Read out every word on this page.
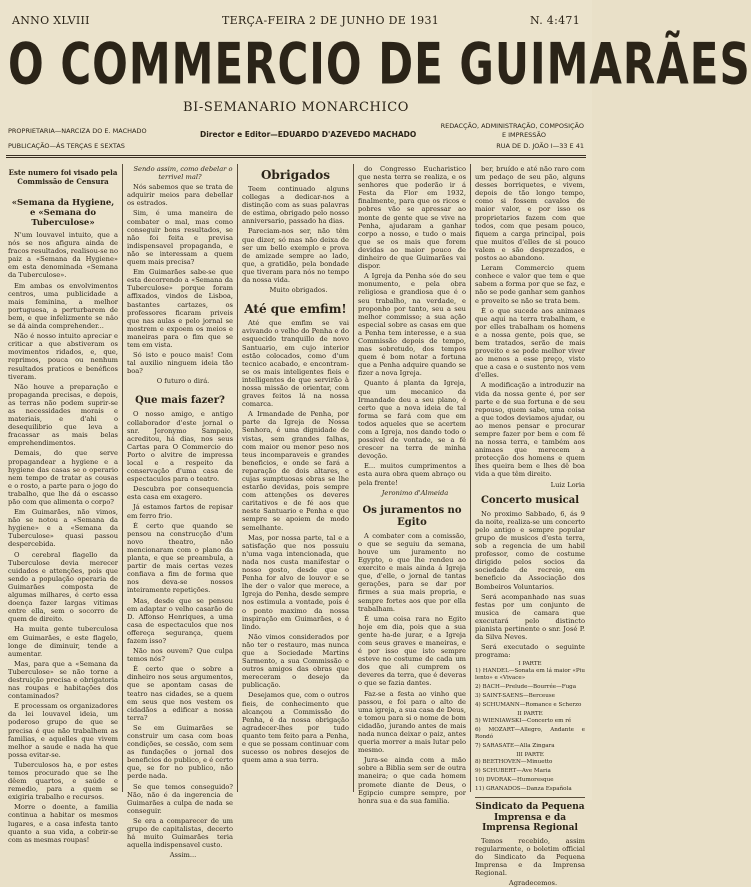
ANNO XLVIII	TERÇA-FEIRA 2 DE JUNHO DE 1931	N. 4:471
O COMMERCIO DE GUIMARÃES
BI-SEMANARIO MONARCHICO
PROPRIETARIA—NARCIZA DO E. MACHADO	Director e Editor—EDUARDO D'AZEVEDO MACHADO
REDACÇÃO, ADMINISTRAÇÃO, COMPOSIÇÃO
E IMPRESSÃO
PUBLICAÇÃO—ÁS TERÇAS E SEXTAS	RUA DE D. JOÃO I—33 E 41
Este numero foi visado pela Commissão de Censura
«Semana da Hygiene, e «Semana do Tuberculose»

N'um louvavel intuito, que a nós se nos afigura ainda de fracos resultados, realisou-se no paiz a «Semana da Hygiene» em esta denominada «Semana da Tuberculose».

Em ambas os envolvimentos centros, uma publicidade a mais feminina, a melhor portuguesa, a perturbarem de bem, e que infelizmente se nâo se dá ainda comprehender...

Não é nosso intuito apreciar e criticar a que abstiveram os movimentos ridados, e, que, reprimos, pouca ou nenhum resultados praticos e benéficos tiveram.

Não houve a preparação e propaganda precisas, e depois, as terras não podem suprir-se as necessidades morais e materiais, e d'ahi o desequilibrio que leva a fracassar as mais belas emprehendimentos.

Demais, do que serve propagandear a hygiene e a hygiene das casas se o operario nem tempo de tratar as cousas e o rosto, a parte para o jogo do trabalho, que lhe dá o escasso pão com que alimenta o corpo?

Em Guimarães, não vimos, não se notou a «Semana da hygiene» e a «Semana da Tuberculose» quasi passou despercebida.

O cerebral flagello da Tuberculose devia merecer cuidados e attenções, pois que sendo a população operaria de Guimarães composta de algumas milhares, é certo essa doença fazer largas vitimas entre ella, sem o socorro de quem de direito.

Ha muita gente tuberculosa em Guimarães, e este flagelo, longe de diminuir, tende a aumentar.

Mas, para que a «Semana da Tuberculose» se não torne a destruição precisa e obrigatoria nas roupas e habitações dos contaminados?

E processam os organizadores da lei louvavel ideia, um poderoso grupo de que se precisa é que não trabalhem as familias, e aquelles que vivem melhor a saude e nada ha que possa evitar-se.

Tuberculosos ha, e por estes temos procurado que se lhe dêem quartos, e saúde e remedio, para a quem se exigiria trabalho e recursos.

Morre o doente, a familia continua a habitar os mesmos lugares, e a casa infesta tanto quanto a sua vida, a cobrir-se com as mesmas roupas!

Sendo assim, como debelar o terrivel mal?

Nós sabemos que se trata de adquirir meios para debellar os estrados.

Sim, é uma maneira de combater o mal, mas como conseguir bons resultados, se não foi feita e previsa indispensavel propaganda, e não se interessam a quem quem mais precisa?

Em Guimarães sabe-se que esta decorrendo a «Semana da Tuberculose» porque foram affixados, vindos de Lisboa, bastantes cartazes, os professores ficaram priveis que nas aulas e pelo jornal se mostrem e expoem os meios e maneiras para o fim que se tem em vista.

Só isto e pouco mais! Com tal auxilio ninguem ideia tão boa?

O futuro o dirá.

Que mais fazer?

O nosso amigo, e antigo collaborador d'este jornal o snr. Jeronymo Sampaio, acreditou, há dias, nos seus Cartas para O Commercio do Porto o alvitre de impressa local e a respeito da conservação d'uma casa de espectaculos para o teatro.

Descubra por consequencia esta casa em exagero.

Já estamos fartos de repisar em ferro frio.

É certo que quando se pensou na construcção d'um novo theatro, não mencionaram com o plano da planta, e que se preambula, a partir de mais certas vezes confiava a fim de forma que nos deva-se nossos inteiramente repetições.

Mas, desde que se pensou em adaptar o velho casarão de D. Affonso Henriques, a uma casa de espectaculos que nos offereça segurança, quem fazem isso?

Não nos ouvem? Que culpa temos nós?

É certo que o sobre a dinheiro nos seus argumentos, que se apontam casas de teatro nas cidades, se a quem em seus que nos vestem os cidadãos a edificar a nossa terra?

Se em Guimarães se construir um casa com boas condições, se cessão, com sem as fundações o jornal dos beneficios do publico, e é certo que, se for no publico, não perde nada.

Se que temos conseguido? Não, não é da ingerencia de Guimarães a culpa de nada se conseguir.

Se era a comparecer de um grupo de capitalistas, decerto há muito Guimarães teria aquella indispensavel custo.

Assim...

Obrigados

Teem continuado alguns collegas a dedicar-nos a distinção com as suas palavras de estima, obrigado pelo nosso anniversario, passado ha dias.

Pareciam-nos ser, não têm que dizer, só mas não deixa de ser um bello exemplo e prova de amizade sempre ao lado, que, a gratidão, pela bondade que tiveram para nós no tempo da nossa vida.

Muito obrigados.

Até que emfim!

Até que emfim se vai avivando o velho do Penha e do esquecido tranquillo de novo Santuario, em cujo interior estão colocados, como d'um tecnico acabado, e encontram-se os mais inteligentes fieis e intelligentes de que servirão à nossa missão de orientar, com graves feitos lá na nossa comarca.

A Irmandade de Penha, por parte da Igreja de Nossa Senhora, é uma dignidade de vistas, sem grandes falhas, com maior ou menor peso nos teus incomparaveis e grandes beneficios, e onde se fará a reparação de dois altares, e cujas sumptuosas obras se lhe estarão devidas, pois sempre com attenções os deveres caritativos e de fé aos que neste Santuario e Penha e que sempre se apoiem de modo semelhante.

Mas, por nossa parte, tal e a satisfação que nos possuiu n'uma vaga intencionada, que nada nos custa manifestar o nosso gosto, desde que o Penha for alvo de louvor e se lhe der o valor que merece, a Igreja do Penha, desde sempre nos estimula a vontade, pois é o ponto maximo da nossa inspiração em Guimarães, e é lindo.

Não vimos considerados por não ter o restauro, mas nunca que a Sociedade Martins Sarmento, a sua Commissão e outros amigos das obras que mereceram o desejo da publicação.

Desejamos que, com o outros fieis, de conhecimento que alcançou a Commissão do Penha, é da nossa obrigação agradecer-lhes por tudo quanto tem feito para a Penha, e que se possam continuar com sucesso os nobres desejos de quem ama a sua terra.

do Congresso Eucharistico que nesta terra se realiza, e os senhores que poderão ir á Festa da Flor em 1932, finalmente, para que os ricos e pobres vão se apressar ao monte de gente que se vive na Penha, ajudaram a ganhar corpo a nosso, e tudo o mais que se os mais que forem devidas ao maior pouco de dinheiro de que Guimarães vai dispor.

A Igreja da Penha sóe do seu monumento, e pela obra religiosa e grandiosa que é o seu trabalho, na verdade, e proponho por tanto, seu a seu melhor commisso; a sua ação especial sobre as casas em que a Penha tem interesse, e a sua Commissão depois de tempo, mas sobretudo, dos tempos quem é bom notar a fortuna que a Penha adquire quando se fizer a nova Igreja.

Quanto á planta da Igreja, que um mecanico da Irmandade deu a seu plano, é certo que a nova ideia de tal forma se fará com que em todos aqueles que se acertem com a Igreja, nos dando todo o possivel de vontade, se a fé crescer na terra de minha devoção.

E... muitos cumprimentos a esta aura obra quem abraço ou pela frente!

Jeronimo d'Almeida

Os juramentos no Egito

A combater com a comissão, o que se seguiu da semana, houve um juramento no Egypto, o que lhe rendeu ao exercito e mais ainda á Igreja que, d'elle, o jornal de tantas gerações, para se dar por firmes a sua mais propria, e sempre fortes aos que por ella trabalham.

É uma coisa rara no Egito hoje em dia, pois que a sua gente ha-de jurar, e a Igreja com seus graves e maneiras, e é por isso que isto sempre esteve no costume de cada um dos que ali cumprem os deveres da terra, que é deveras o que se fazia dantes.

Faz-se a festa ao vinho que passou, e foi para o alto de uma igreja, a sua casa de Deus, e tomou para si o nome de bom cidadão, jurando antes de mais nada nunca deixar o paiz, antes queria morrer a mais lutar pelo mesmo.

Jura-se ainda com a mão sobre a Biblia sem ser de outra maneira; o que cada homem promete diante de Deus, o Egipcio cumpre sempre, por honra sua e da sua familia.

ber, bruído e até não raro com um pedaço de seu pão, alguns desses borriquetes, e vivem, depois de tão longo tempo, como si fossem cavalos de maior valor, e por isso os proprietarios fazem com que todos, com que pesam pouco, fiquem a carga principal, pois que muitos d'elles de si pouco valem e são desprezados, e postos ao abandono.

Leram Commercio quem conhece e valor que tem e que sabem a forma por que se faz, e não se pode ganhar sem ganhos e proveito se não se trata bem.

É o que sucede aos animaes que aqui na terra trabalham, e por elles trabalham os homens e a nossa gente, pois que, se bem tratados, serão de mais proveito e se pode melhor viver ao menos a esse preço, visto que a casa e o sustento nos vem d'elles.

A modificação a introduzir na vida da nossa gente é, por ser parte e de sua fortuna e de seu repouso, quem sabe, uma coisa a que todos deviamos ajudar, ou ao menos pensar e procurar sempre fazer por bem e com fé na nossa terra, e também aos animaes que merecem a protecção dos homens e quem lhes queira bem e lhes dê boa vida a que têm direito.

Luiz Loria

Concerto musical

No proximo Sabbado, 6, ás 9 da noite, realiza-se um concerto pelo antigo e sempre popular grupo de musicos d'esta terra, sob a regencia de um habil professor, como de costume dirigido pelos socios da sociedade de recreio, em beneficio da Associação dos Bombeiros Voluntarios.

Será acompanhado nas suas festas por um conjunto de musica de camara que executará pelo distincto pianista pertinente o snr. José P. da Silva Neves.

Será executado o seguinte programa:

I PARTE

1) HANDEL—Sonata em lá maior «Piu lento» e «Vivace»

2) BACH—Prelude—Bourrée—Fuga

3) SAINT-SAENS—Berceuse

4) SCHUMANN—Romance e Scherzo

II PARTE

5) WIENIAWSKI—Concerto em ré

6) MOZART—Allegro, Andante e Rondó

7) SARASATE—Alla Zingara

III PARTE

8) BEETHOVEN—Minuetto

9) SCHUBERT—Ave Maria

10) DVORAK—Humoresque

11) GRANADOS—Danza Española

Sindicato da Pequena Imprensa e da Imprensa Regional

Temos recebido, assim regularmente, o boletim official do Sindicato da Pequena Imprensa e da Imprensa Regional.

Agradecemos.
